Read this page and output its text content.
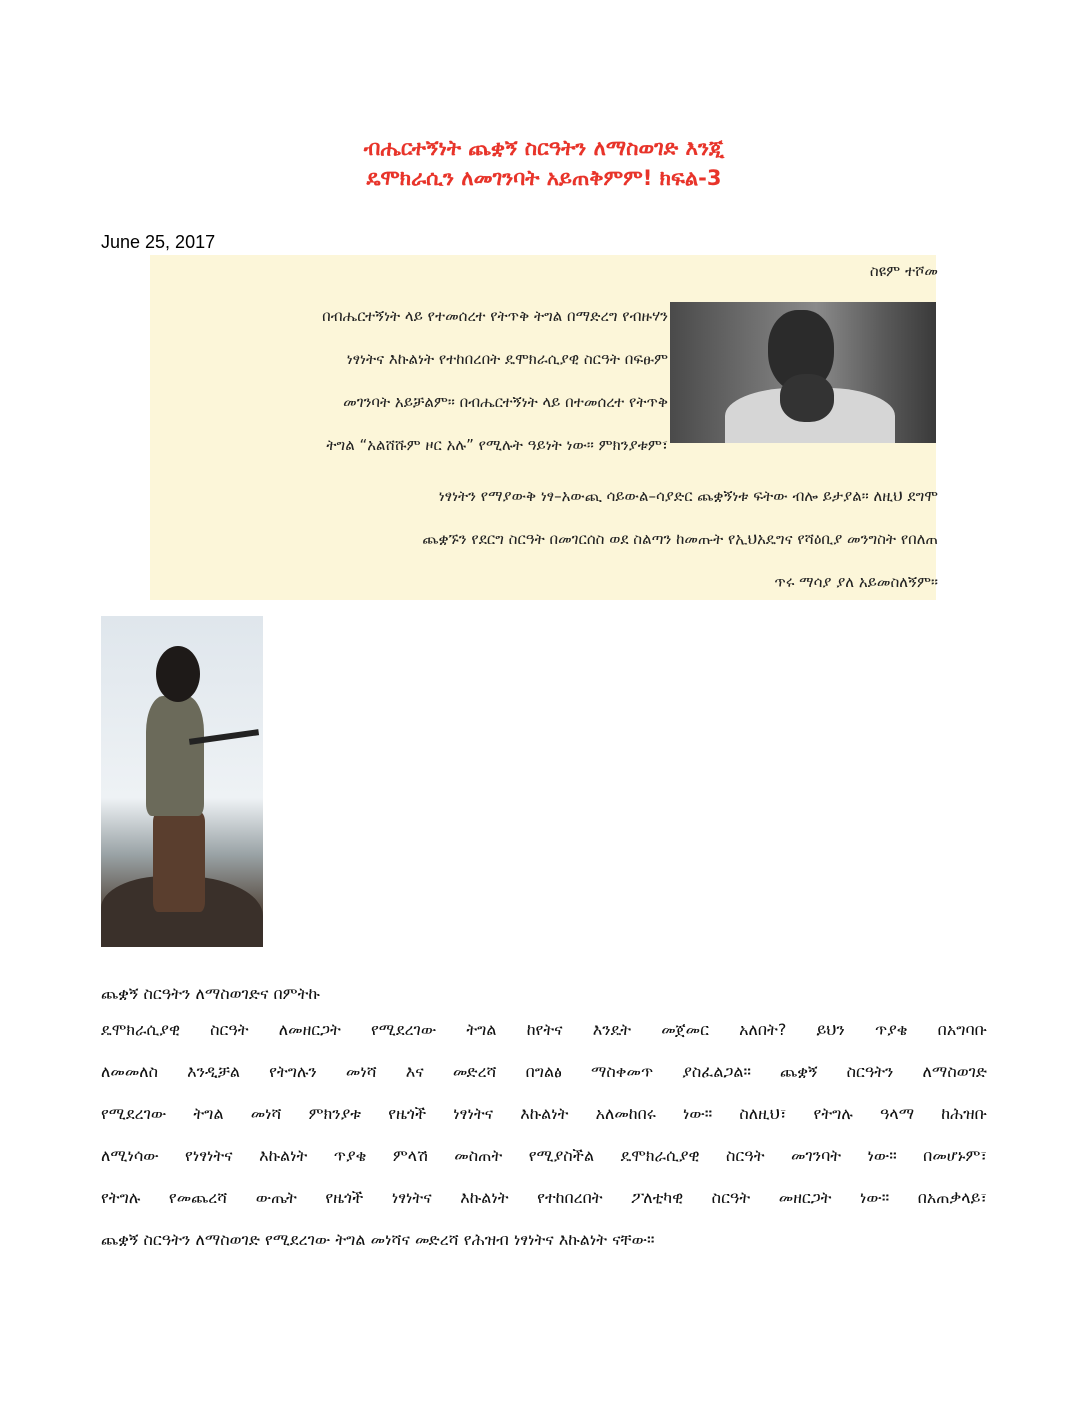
ብሔርተኝነት ጨቋኝ ስርዓትን ለማስወገድ እንጂ
ዴሞክራሲን ለመገንባት አይጠቅምም! ክፍል-3
June 25, 2017
ስዩም ተሾመ
በብሔርተኝነት ላይ የተመሰረተ የትጥቅ ትግል በማድረግ የብዙሃን
ነፃነትና እኩልነት የተከበረበት ዴሞክራሲያዊ ስርዓት በፍፁም
መገንባት አይቻልም። በብሔርተኝነት ላይ በተመሰረተ የትጥቅ
ትግል “አልሸሹም ዞር አሉ” የሚሉት ዓይነት ነው። ምክንያቱም፣
ነፃነትን የማያውቅ ነፃ–አውጪ ሳይውል–ሳያድር ጨቋኝነቱ ፍትው ብሎ ይታያል። ለዚህ ደግሞ
ጨቋኙን የደርግ ስርዓት በመገርሰስ ወደ ስልጣን ከመጡት የኢህአዴግና የሻዕቢያ መንግስት የበለጠ
ጥሩ ማሳያ ያለ አይመስለኝም።
ጨቋኝ ስርዓትን ለማስወገድና በምትኩ
ዴሞክራሲያዊ ስርዓት ለመዘርጋት የሚደረገው ትግል ከየትና እንዴት መጀመር አለበት? ይህን ጥያቄ በአግባቡ
ለመመለስ እንዲቻል የትግሉን መነሻ እና መድረሻ በግልፅ ማስቀመጥ ያስፈልጋል። ጨቋኝ ስርዓትን ለማስወገድ
የሚደረገው ትግል መነሻ ምክንያቱ የዜጎች ነፃነትና እኩልነት አለመከበሩ ነው። ስለዚህ፣ የትግሉ ዓላማ ከሕዝቡ
ለሚነሳው የነፃነትና እኩልነት ጥያቄ ምላሽ መስጠት የሚያስችል ዴሞክራሲያዊ ስርዓት መገንባት ነው። በመሆኑም፣
የትግሉ የመጨረሻ ውጤት የዜጎች ነፃነትና እኩልነት የተከበረበት ፖለቲካዊ ስርዓት መዘርጋት ነው። በአጠቃላይ፣
ጨቋኝ ስርዓትን ለማስወገድ የሚደረገው ትግል መነሻና መድረሻ የሕዝብ ነፃነትና እኩልነት ናቸው።
